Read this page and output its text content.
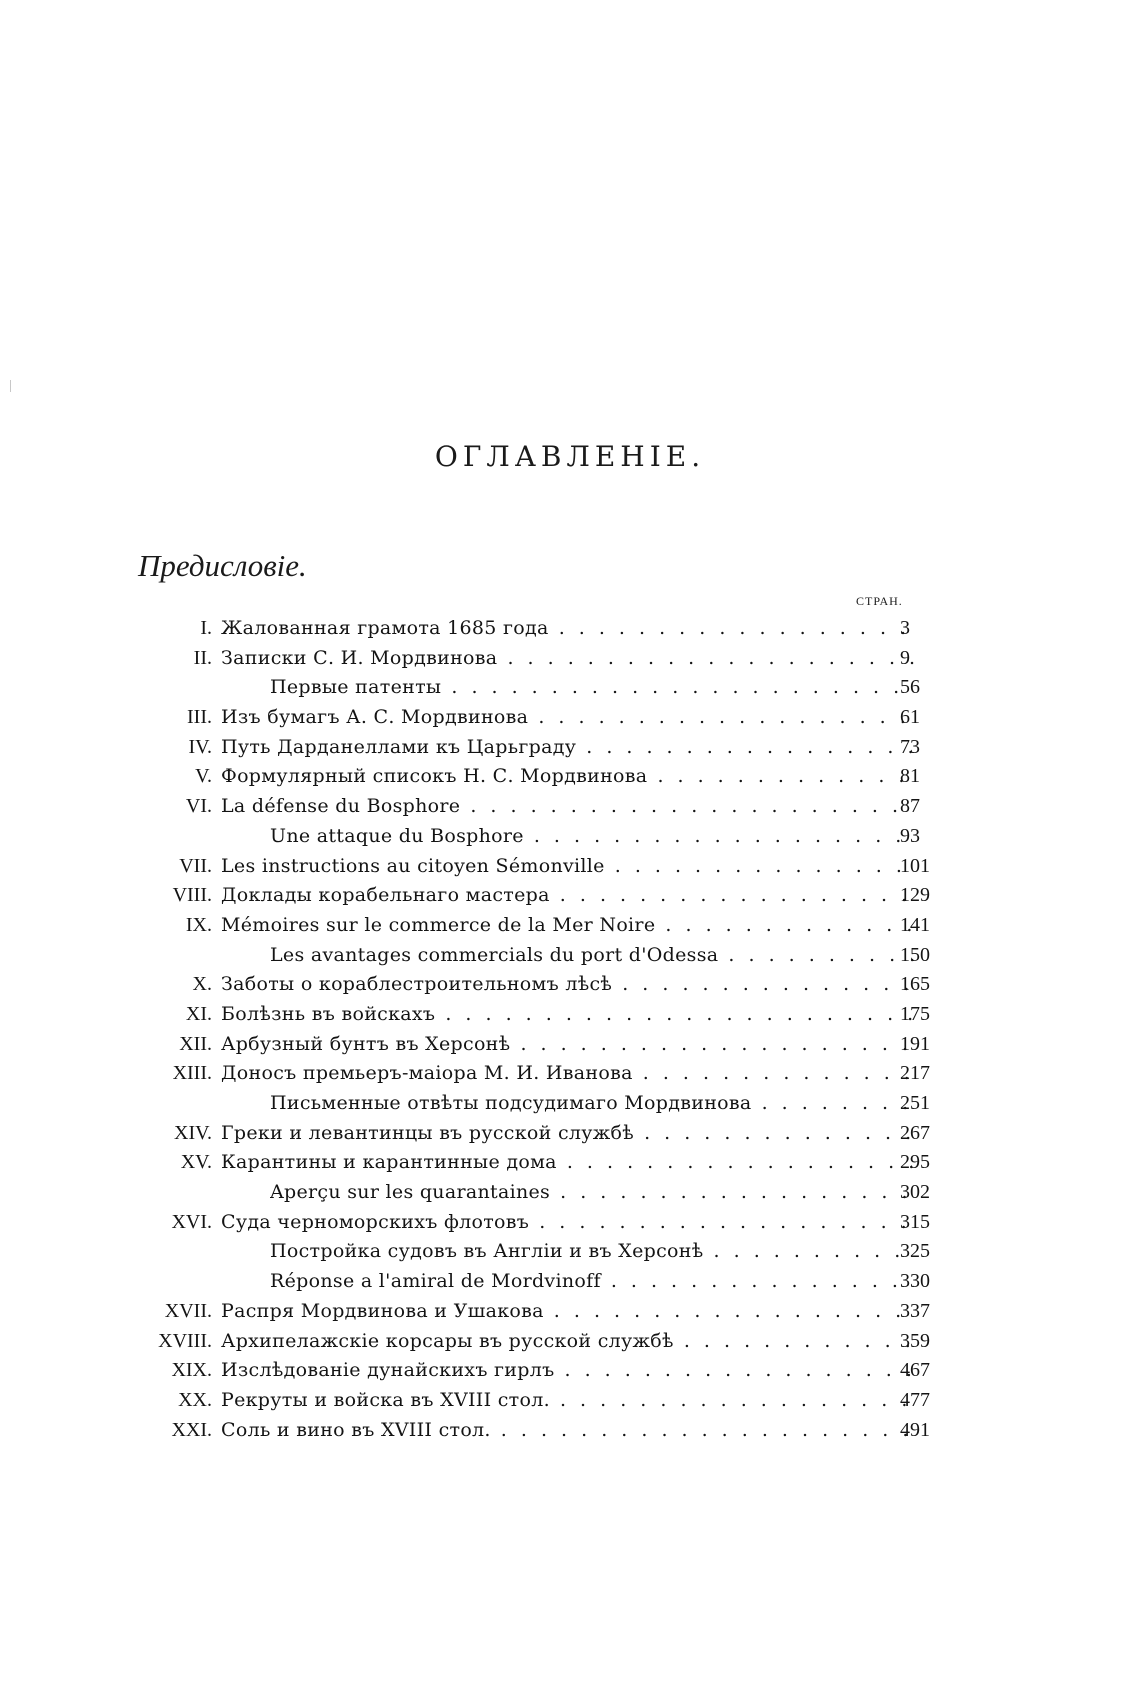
ОГЛАВЛЕНІЕ.
Предисловіе.
СТРАН.
I. Жалованная грамота 1685 года . . .	3
II. Записки С. И. Мордвинова . . .	9
Первые патенты . . .	56
III. Изъ бумагъ А. С. Мордвинова . . .	61
IV. Путь Дарданеллами къ Царьграду . . .	73
V. Формулярный списокъ Н. С. Мордвинова . . .	81
VI. La défense du Bosphore . . .	87
Une attaque du Bosphore . . .	93
VII. Les instructions au citoyen Sémonville . . .	101
VIII. Доклады корабельнаго мастера . . .	129
IX. Mémoires sur le commerce de la Mer Noire . . .	141
Les avantages commercials du port d'Odessa . . .	150
X. Заботы о кораблестроительномъ лѣсѣ . . .	165
XI. Болѣзнь въ войскахъ . . .	175
XII. Арбузный бунтъ въ Херсонѣ . . .	191
XIII. Доносъ премьеръ-маіора М. И. Иванова . . .	217
Письменные отвѣты подсудимаго Мордвинова . . .	251
XIV. Греки и левантинцы въ русской службѣ . . .	267
XV. Карантины и карантинные дома . . .	295
Aperçu sur les quarantaines . . .	302
XVI. Суда черноморскихъ флотовъ . . .	315
Постройка судовъ въ Англіи и въ Херсонѣ . . .	325
Réponse a l'amiral de Mordvinoff . . .	330
XVII. Распря Мордвинова и Ушакова . . .	337
XVIII. Архипелажскіе корсары въ русской службѣ . . .	359
XIX. Изслѣдованіе дунайскихъ гирлъ . . .	467
XX. Рекруты и войска въ XVIII стол. . . .	477
XXI. Соль и вино въ XVIII стол. . . .	491
